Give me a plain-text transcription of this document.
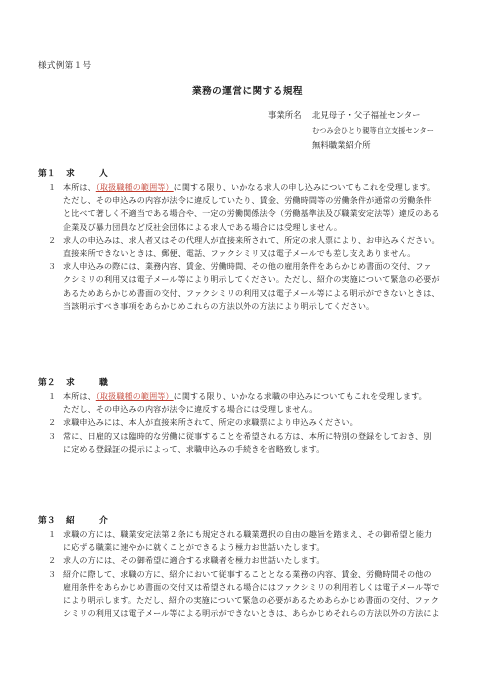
様式例第１号
業務の運営に関する規程
事業所名	北見母子・父子福祉センター
むつみ会ひとり親等自立支援センター
無料職業紹介所
第１ 求	人
１ 本所は、（取扱職種の範囲等）に関する限り、いかなる求人の申し込みについてもこれを受理します。
ただし、その申込みの内容が法令に違反していたり、賃金、労働時間等の労働条件が通常の労働条件
と比べて著しく不適当である場合や、一定の労働関係法令（労働基準法及び職業安定法等）違反のある
企業及び暴力団員など反社会団体による求人である場合には受理しません。
２ 求人の申込みは、求人者又はその代理人が直接来所されて、所定の求人票により、お申込みください。
直接来所できないときは、郵便、電話、ファクシミリ又は電子メールでも差し支えありません。
３ 求人申込みの際には、業務内容、賃金、労働時間、その他の雇用条件をあらかじめ書面の交付、ファ
クシミリの利用又は電子メール等により明示してください。ただし、紹介の実施について緊急の必要が
あるためあらかじめ書面の交付、ファクシミリの利用又は電子メール等による明示ができないときは、
当該明示すべき事項をあらかじめこれらの方法以外の方法により明示してください。
第２ 求	職
１ 本所は、（取扱職種の範囲等）に関する限り、いかなる求職の申込みについてもこれを受理します。
ただし、その申込みの内容が法令に違反する場合には受理しません。
２ 求職申込みには、本人が直接来所されて、所定の求職票により申込みください。
３ 常に、日雇的又は臨時的な労働に従事することを希望される方は、本所に特別の登録をしておき、別
に定める登録証の提示によって、求職申込みの手続きを省略致します。
第３ 紹	介
１ 求職の方には、職業安定法第２条にも規定される職業選択の自由の趣旨を踏まえ、その御希望と能力
に応ずる職業に速やかに就くことができるよう極力お世話いたします。
２ 求人の方には、その御希望に適合する求職者を極力お世話いたします。
３ 紹介に際して、求職の方に、紹介において従事することとなる業務の内容、賃金、労働時間その他の
雇用条件をあらかじめ書面の交付又は希望される場合にはファクシミリの利用若しくは電子メール等で
により明示します。ただし、紹介の実施について緊急の必要があるためあらかじめ書面の交付、ファク
シミリの利用又は電子メール等による明示ができないときは、あらかじめそれらの方法以外の方法によ
